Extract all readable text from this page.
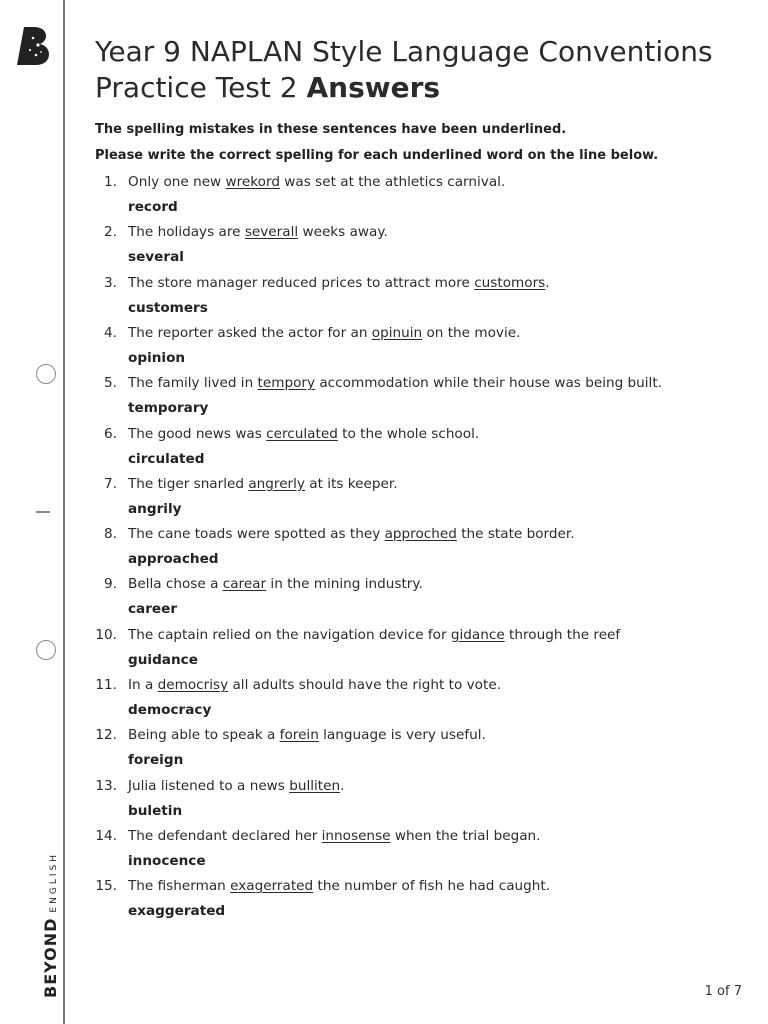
BEYONDENGLISH
Year 9 NAPLAN Style Language Conventions Practice Test 2 Answers

The spelling mistakes in these sentences have been underlined.

Please write the correct spelling for each underlined word on the line below.

1. Only one new wrekord was set at the athletics carnival.
record
2. The holidays are severall weeks away.
several
3. The store manager reduced prices to attract more customors.
customers
4. The reporter asked the actor for an opinuin on the movie.
opinion
5. The family lived in tempory accommodation while their house was being built.
temporary
6. The good news was cerculated to the whole school.
circulated
7. The tiger snarled angrerly at its keeper.
angrily
8. The cane toads were spotted as they approched the state border.
approached
9. Bella chose a carear in the mining industry.
career
10. The captain relied on the navigation device for gidance through the reef
guidance
11. In a democrisy all adults should have the right to vote.
democracy
12. Being able to speak a forein language is very useful.
foreign
13. Julia listened to a news bulliten.
buletin
14. The defendant declared her innosense when the trial began.
innocence
15. The fisherman exagerrated the number of fish he had caught.
exaggerated
1 of 7
